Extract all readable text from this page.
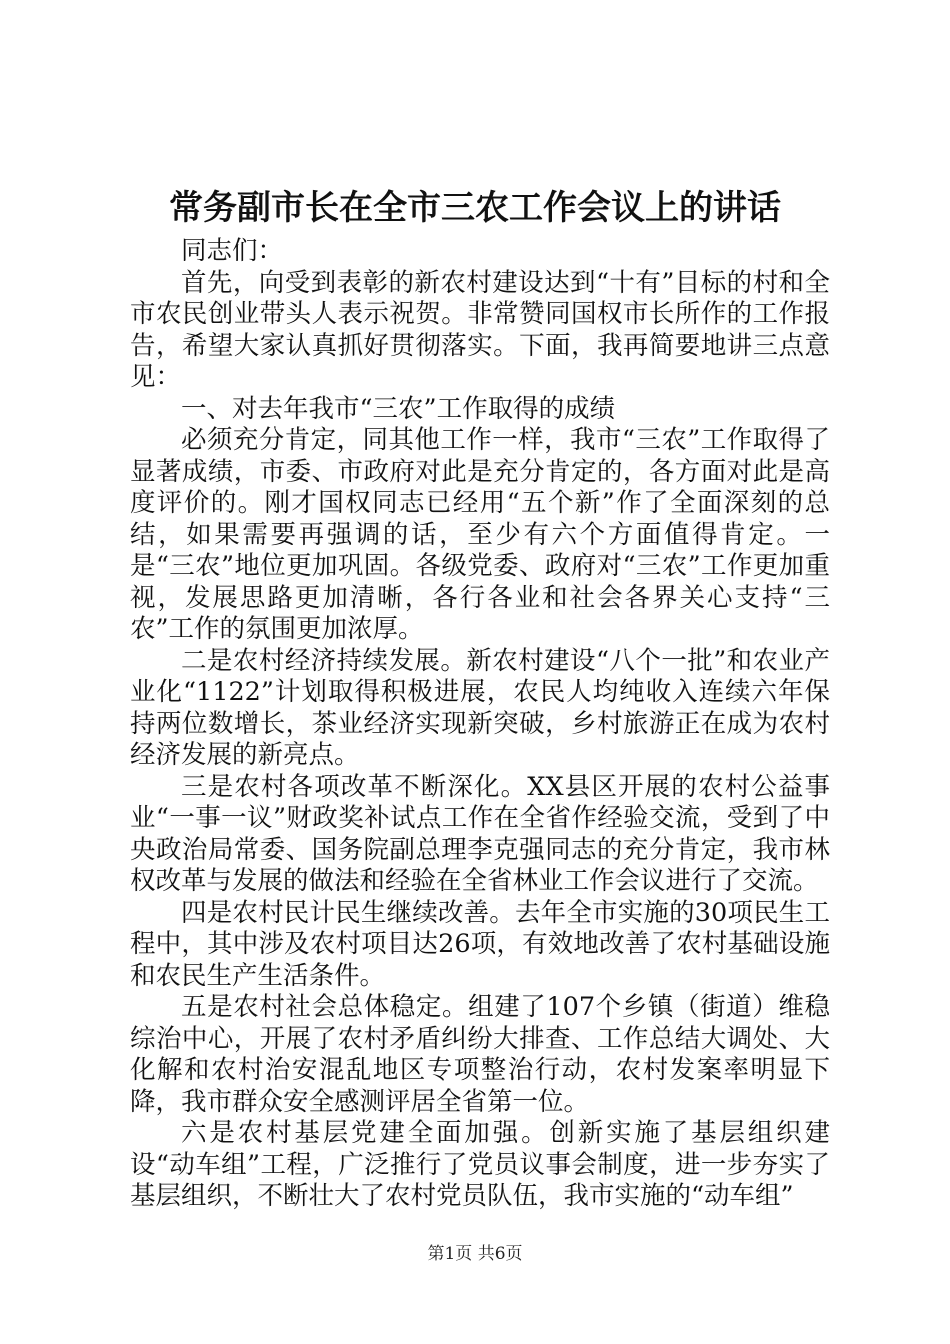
常务副市长在全市三农工作会议上的讲话

同志们：

首先，向受到表彰的新农村建设达到“十有”目标的村和全市农民创业带头人表示祝贺。非常赞同国权市长所作的工作报告，希望大家认真抓好贯彻落实。下面，我再简要地讲三点意见：

一、对去年我市“三农”工作取得的成绩

必须充分肯定，同其他工作一样，我市“三农”工作取得了显著成绩，市委、市政府对此是充分肯定的，各方面对此是高度评价的。刚才国权同志已经用“五个新”作了全面深刻的总结，如果需要再强调的话，至少有六个方面值得肯定。一是“三农”地位更加巩固。各级党委、政府对“三农”工作更加重视，发展思路更加清晰，各行各业和社会各界关心支持“三农”工作的氛围更加浓厚。

二是农村经济持续发展。新农村建设“八个一批”和农业产业化“1122”计划取得积极进展，农民人均纯收入连续六年保持两位数增长，茶业经济实现新突破，乡村旅游正在成为农村经济发展的新亮点。

三是农村各项改革不断深化。XX县区开展的农村公益事业“一事一议”财政奖补试点工作在全省作经验交流，受到了中央政治局常委、国务院副总理李克强同志的充分肯定，我市林权改革与发展的做法和经验在全省林业工作会议进行了交流。

四是农村民计民生继续改善。去年全市实施的30项民生工程中，其中涉及农村项目达26项，有效地改善了农村基础设施和农民生产生活条件。

五是农村社会总体稳定。组建了107个乡镇（街道）维稳综治中心，开展了农村矛盾纠纷大排查、工作总结大调处、大化解和农村治安混乱地区专项整治行动，农村发案率明显下降，我市群众安全感测评居全省第一位。

六是农村基层党建全面加强。创新实施了基层组织建设“动车组”工程，广泛推行了党员议事会制度，进一步夯实了基层组织，不断壮大了农村党员队伍，我市实施的“动车组”

第1页 共6页
